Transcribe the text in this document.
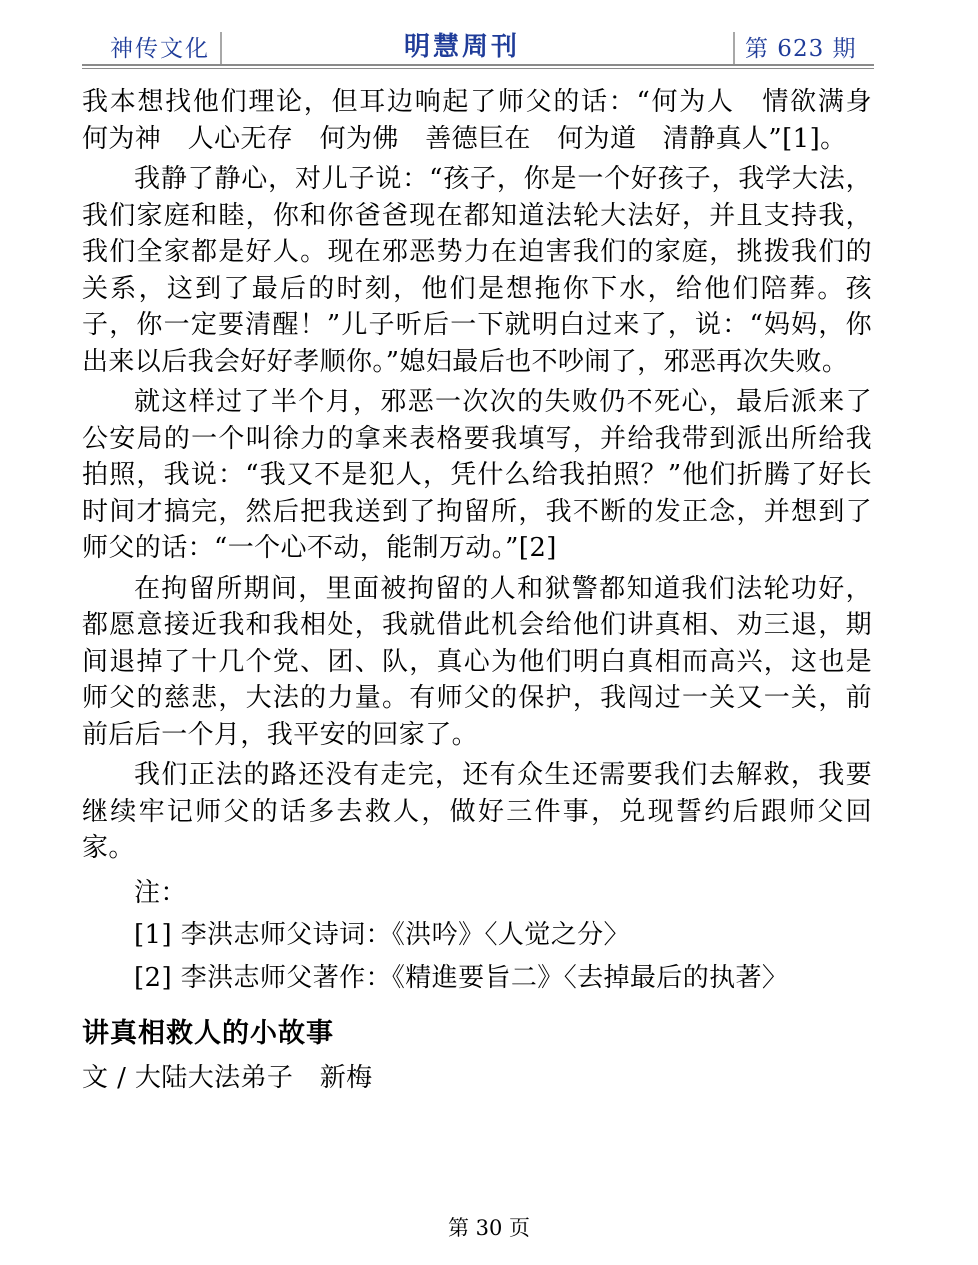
神传文化	明慧周刊	第 623 期

我本想找他们理论，但耳边响起了师父的话：“何为人　情欲满身　何为神　人心无存　何为佛　善德巨在　何为道　清静真人”[1]。

我静了静心，对儿子说：“孩子，你是一个好孩子，我学大法，我们家庭和睦，你和你爸爸现在都知道法轮大法好，并且支持我，我们全家都是好人。现在邪恶势力在迫害我们的家庭，挑拨我们的关系，这到了最后的时刻，他们是想拖你下水，给他们陪葬。孩子，你一定要清醒！”儿子听后一下就明白过来了，说：“妈妈，你出来以后我会好好孝顺你。”媳妇最后也不吵闹了，邪恶再次失败。

就这样过了半个月，邪恶一次次的失败仍不死心，最后派来了公安局的一个叫徐力的拿来表格要我填写，并给我带到派出所给我拍照，我说：“我又不是犯人，凭什么给我拍照？”他们折腾了好长时间才搞完，然后把我送到了拘留所，我不断的发正念，并想到了师父的话：“一个心不动，能制万动。”[2]

在拘留所期间，里面被拘留的人和狱警都知道我们法轮功好，都愿意接近我和我相处，我就借此机会给他们讲真相、劝三退，期间退掉了十几个党、团、队，真心为他们明白真相而高兴，这也是师父的慈悲，大法的力量。有师父的保护，我闯过一关又一关，前前后后一个月，我平安的回家了。

我们正法的路还没有走完，还有众生还需要我们去解救，我要继续牢记师父的话多去救人，做好三件事，兑现誓约后跟师父回家。

注：

[1] 李洪志师父诗词：《洪吟》〈人觉之分〉

[2] 李洪志师父著作：《精進要旨二》〈去掉最后的执著〉

讲真相救人的小故事

文 / 大陆大法弟子　新梅

第 30 页
